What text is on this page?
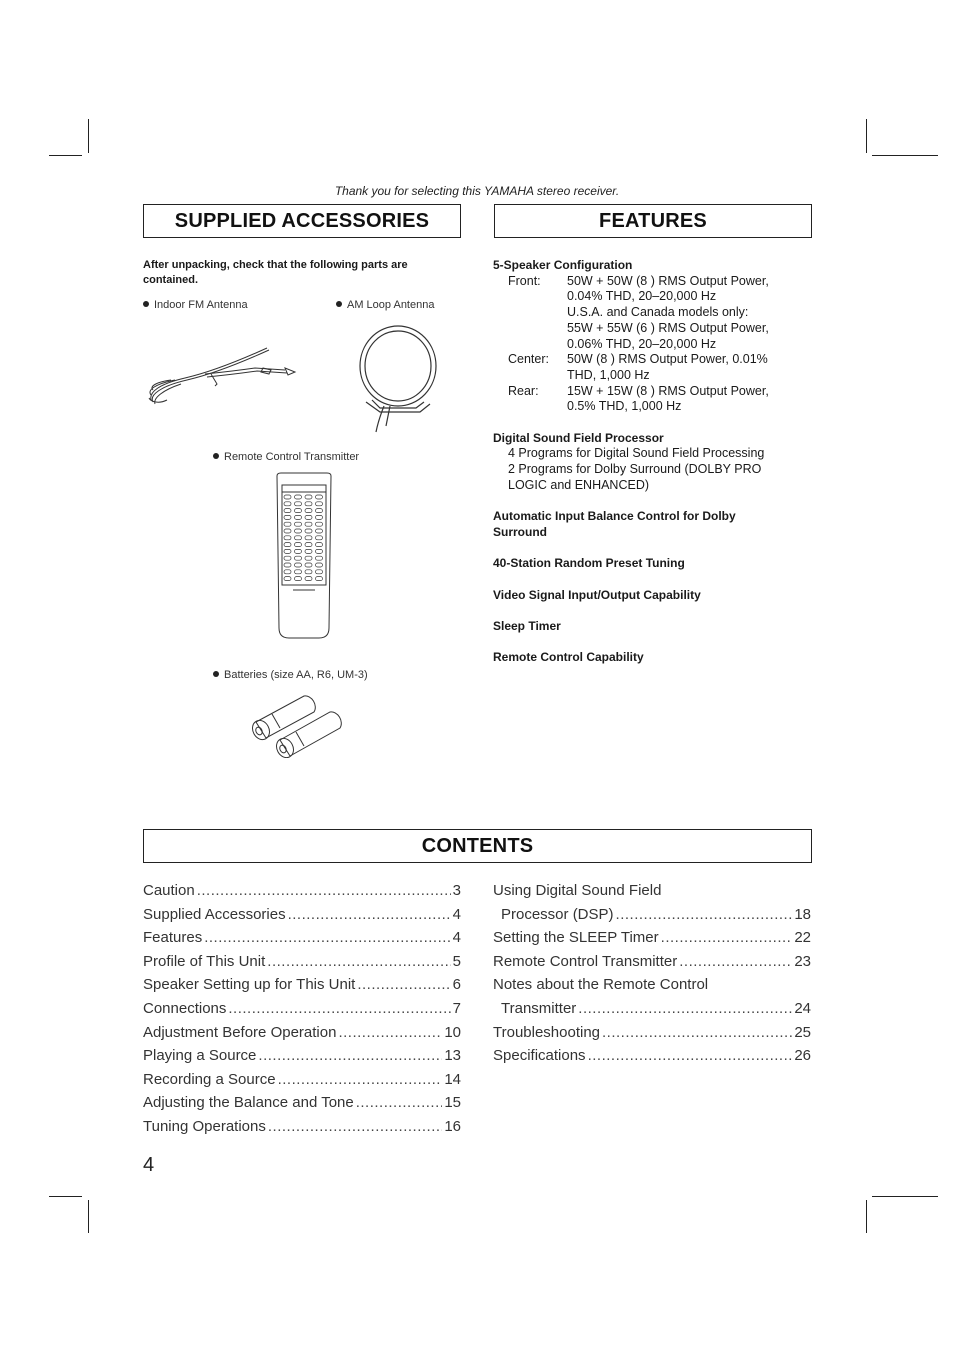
Thank you for selecting this YAMAHA stereo receiver.
SUPPLIED ACCESSORIES
After unpacking, check that the following parts are contained.
Indoor FM Antenna	AM Loop Antenna
Remote Control Transmitter
Batteries (size AA, R6, UM-3)
FEATURES
5-Speaker Configuration
Front:	50W + 50W (8 ) RMS Output Power,
0.04% THD, 20–20,000 Hz
U.S.A. and Canada models only:
55W + 55W (6 ) RMS Output Power,
0.06% THD, 20–20,000 Hz
Center:	50W (8 ) RMS Output Power, 0.01%
THD, 1,000 Hz
Rear:	15W + 15W (8 ) RMS Output Power,
0.5% THD, 1,000 Hz
Digital Sound Field Processor
4 Programs for Digital Sound Field Processing
2 Programs for Dolby Surround (DOLBY PRO
LOGIC and ENHANCED)
Automatic Input Balance Control for Dolby Surround
40-Station Random Preset Tuning
Video Signal Input/Output Capability
Sleep Timer
Remote Control Capability
CONTENTS
Caution .....	3
Supplied Accessories .....	4
Features .....	4
Profile of This Unit .....	5
Speaker Setting up for This Unit .....	6
Connections .....	7
Adjustment Before Operation .....	10
Playing a Source .....	13
Recording a Source .....	14
Adjusting the Balance and Tone .....	15
Tuning Operations .....	16
Using Digital Sound Field
Processor (DSP) .....	18
Setting the SLEEP Timer .....	22
Remote Control Transmitter .....	23
Notes about the Remote Control
Transmitter .....	24
Troubleshooting .....	25
Specifications .....	26
4
